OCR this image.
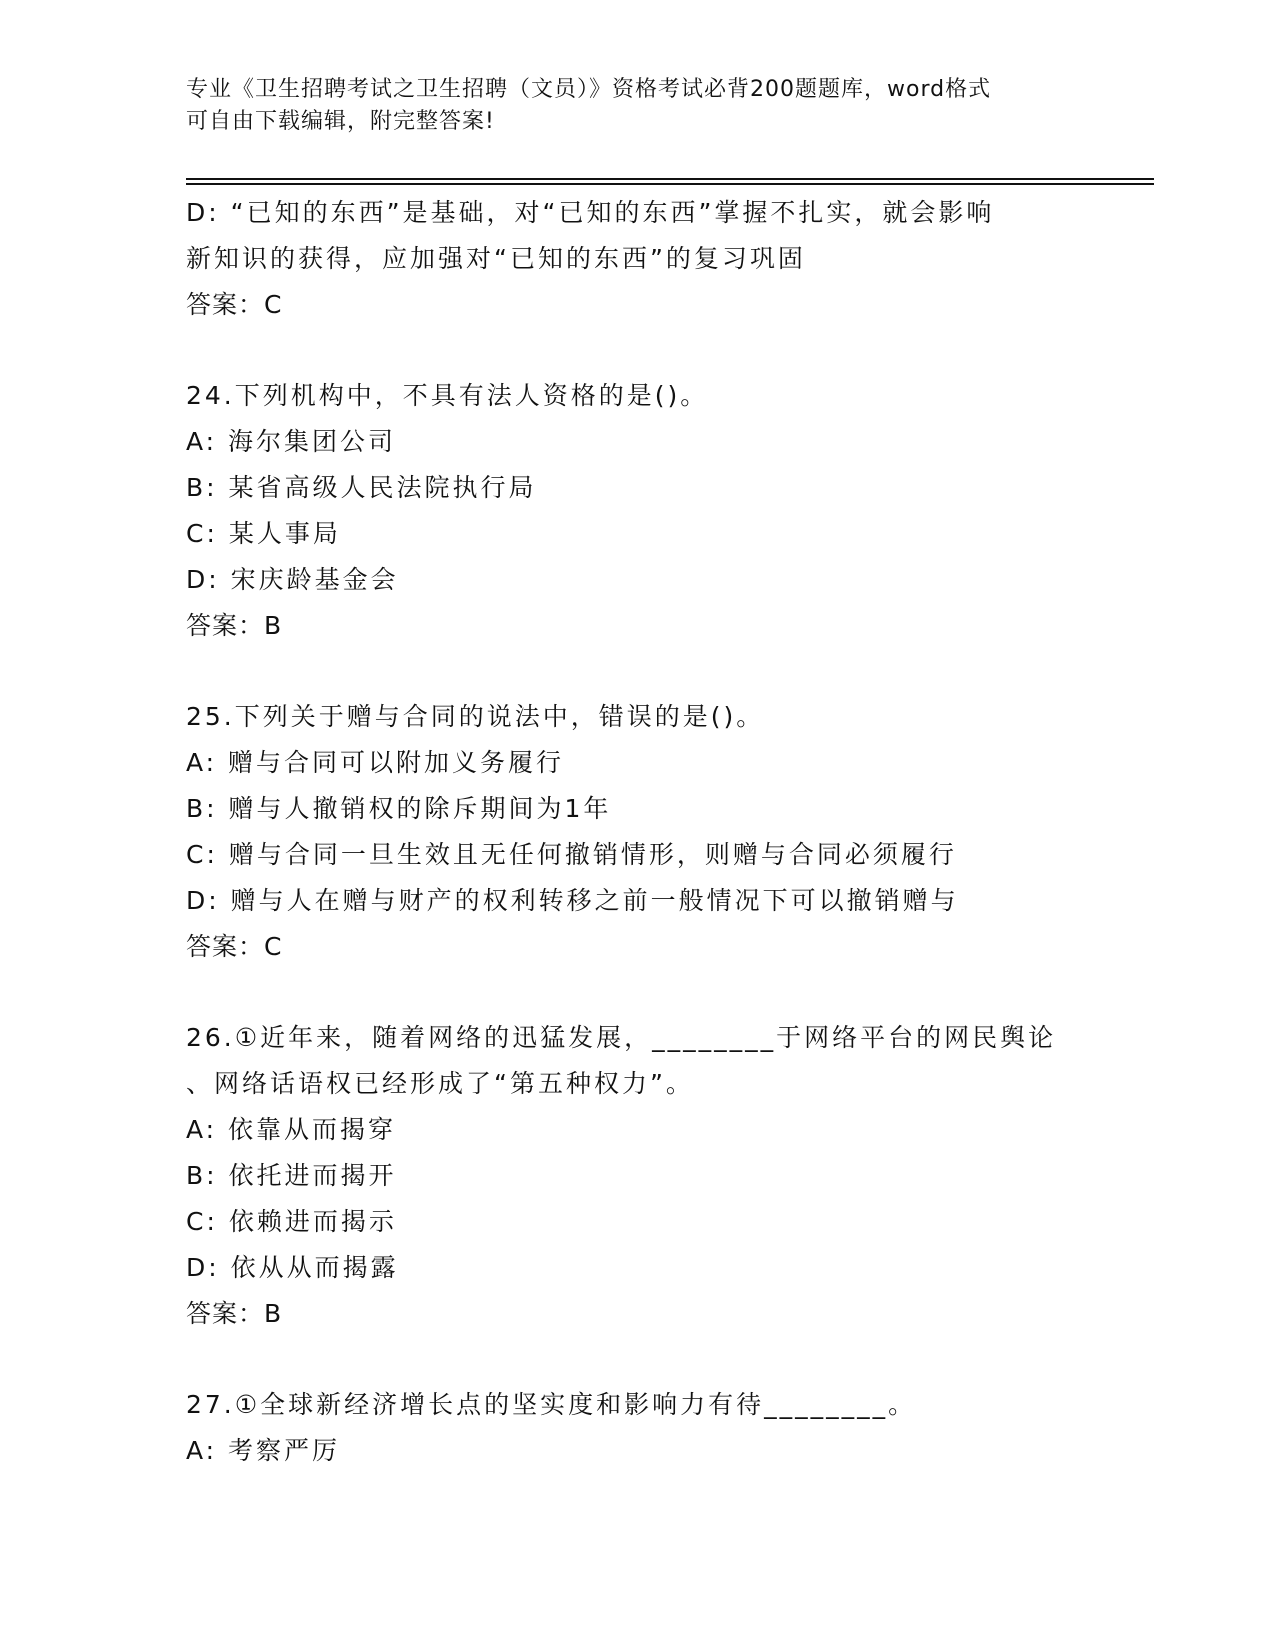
专业《卫生招聘考试之卫生招聘（文员）》资格考试必背200题题库，word格式
可自由下载编辑，附完整答案!
D: “已知的东西”是基础，对“已知的东西”掌握不扎实，就会影响
新知识的获得，应加强对“已知的东西”的复习巩固
答案：C
24.下列机构中，不具有法人资格的是()。
A: 海尔集团公司
B: 某省高级人民法院执行局
C: 某人事局
D: 宋庆龄基金会
答案：B
25.下列关于赠与合同的说法中，错误的是()。
A: 赠与合同可以附加义务履行
B: 赠与人撤销权的除斥期间为1年
C: 赠与合同一旦生效且无任何撤销情形，则赠与合同必须履行
D: 赠与人在赠与财产的权利转移之前一般情况下可以撤销赠与
答案：C
26.①近年来，随着网络的迅猛发展，________于网络平台的网民舆论
、网络话语权已经形成了“第五种权力”。
A: 依靠从而揭穿
B: 依托进而揭开
C: 依赖进而揭示
D: 依从从而揭露
答案：B
27.①全球新经济增长点的坚实度和影响力有待________。
A: 考察严厉
